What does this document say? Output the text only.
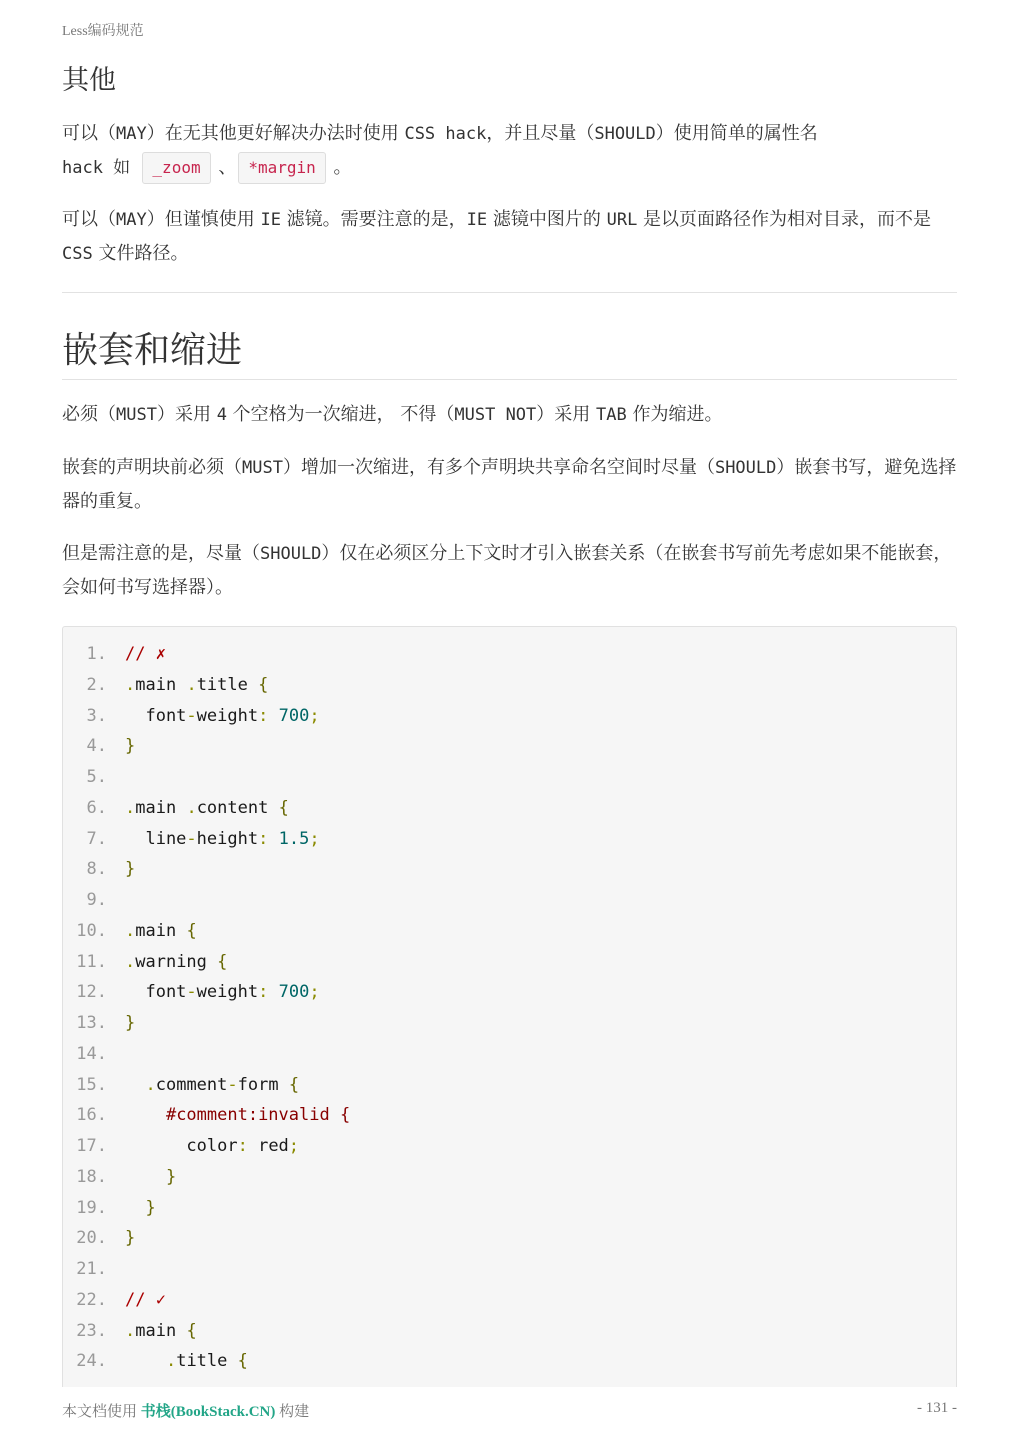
Less编码规范
其他

可以（MAY）在无其他更好解决办法时使用 CSS hack，并且尽量（SHOULD）使用简单的属性名
hack 如 _zoom 、 *margin 。

可以（MAY）但谨慎使用 IE 滤镜。需要注意的是，IE 滤镜中图片的 URL 是以页面路径作为相对目录，而不是 CSS 文件路径。

嵌套和缩进

必须（MUST）采用 4 个空格为一次缩进， 不得（MUST NOT）采用 TAB 作为缩进。

嵌套的声明块前必须（MUST）增加一次缩进，有多个声明块共享命名空间时尽量（SHOULD）嵌套书写，避免选择器的重复。

但是需注意的是，尽量（SHOULD）仅在必须区分上下文时才引入嵌套关系（在嵌套书写前先考虑如果不能嵌套，会如何书写选择器）。

1. // ✗
2. .main .title {
3.  font-weight: 700;
4. }
5.
6. .main .content {
7.  line-height: 1.5;
8. }
9.
10. .main {
11. .warning {
12.  font-weight: 700;
13. }
14.
15. .comment-form {
16.	#comment:invalid {
17.      color: red;
18.	}
19. }
20. }
21.
22. // ✓
23. .main {
24.	.title {
本文档使用 书栈(BookStack.CN) 构建	- 131 -
